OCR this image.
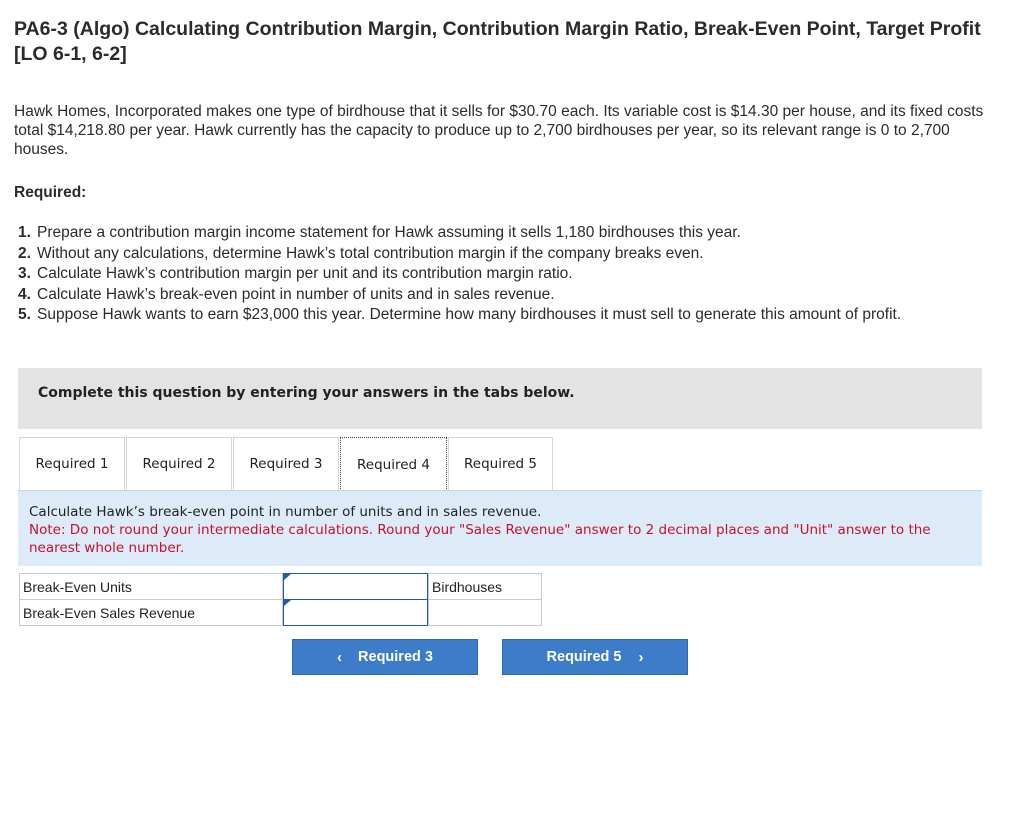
PA6-3 (Algo) Calculating Contribution Margin, Contribution Margin Ratio, Break-Even Point, Target Profit [LO 6-1, 6-2]

Hawk Homes, Incorporated makes one type of birdhouse that it sells for $30.70 each. Its variable cost is $14.30 per house, and its fixed costs total $14,218.80 per year. Hawk currently has the capacity to produce up to 2,700 birdhouses per year, so its relevant range is 0 to 2,700 houses.

Required:

1. Prepare a contribution margin income statement for Hawk assuming it sells 1,180 birdhouses this year.
2. Without any calculations, determine Hawk’s total contribution margin if the company breaks even.
3. Calculate Hawk’s contribution margin per unit and its contribution margin ratio.
4. Calculate Hawk’s break-even point in number of units and in sales revenue.
5. Suppose Hawk wants to earn $23,000 this year. Determine how many birdhouses it must sell to generate this amount of profit.
Complete this question by entering your answers in the tabs below.
Required 1	Required 2	Required 3	Required 4	Required 5
Calculate Hawk’s break-even point in number of units and in sales revenue.
Note: Do not round your intermediate calculations. Round your "Sales Revenue" answer to 2 decimal places and "Unit" answer to the nearest whole number.
Break-Even Units		Birdhouses
Break-Even Sales Revenue	

‹ Required 3	Required 5 ›
